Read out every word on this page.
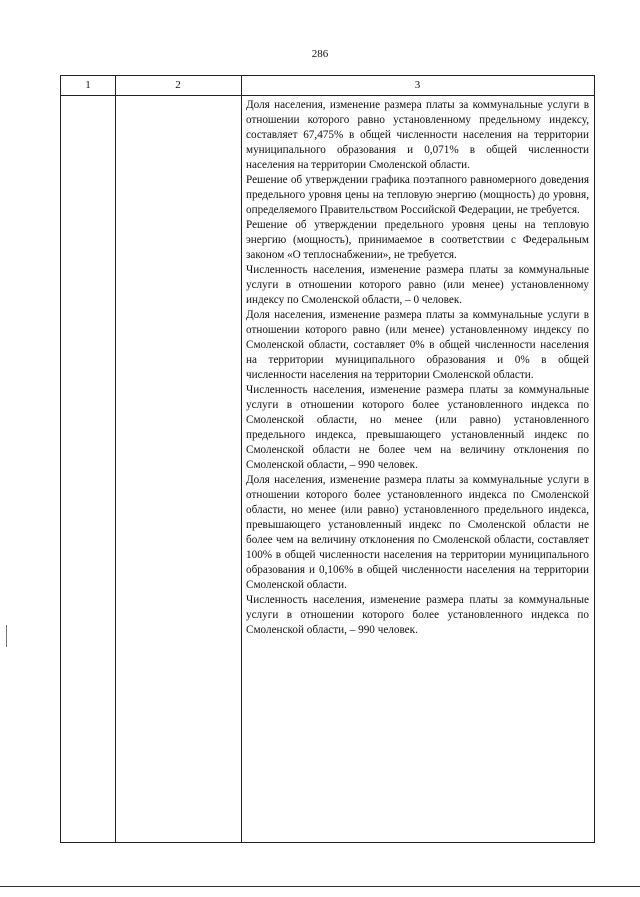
286
1	2	3

Доля населения, изменение размера платы за коммунальные услуги в отношении которого равно установленному предельному индексу, составляет 67,475% в общей численности населения на территории муниципального образования и 0,071% в общей численности населения на территории Смоленской области.

Решение об утверждении графика поэтапного равномерного доведения предельного уровня цены на тепловую энергию (мощность) до уровня, определяемого Правительством Российской Федерации, не требуется.

Решение об утверждении предельного уровня цены на тепловую энергию (мощность), принимаемое в соответствии с Федеральным законом «О теплоснабжении», не требуется.

Численность населения, изменение размера платы за коммунальные услуги в отношении которого равно (или менее) установленному индексу по Смоленской области, – 0 человек.

Доля населения, изменение размера платы за коммунальные услуги в отношении которого равно (или менее) установленному индексу по Смоленской области, составляет 0% в общей численности населения на территории муниципального образования и 0% в общей численности населения на территории Смоленской области.

Численность населения, изменение размера платы за коммунальные услуги в отношении которого более установленного индекса по Смоленской области, но менее (или равно) установленного предельного индекса, превышающего установленный индекс по Смоленской области не более чем на величину отклонения по Смоленской области, – 990 человек.

Доля населения, изменение размера платы за коммунальные услуги в отношении которого более установленного индекса по Смоленской области, но менее (или равно) установленного предельного индекса, превышающего установленный индекс по Смоленской области не более чем на величину отклонения по Смоленской области, составляет 100% в общей численности населения на территории муниципального образования и 0,106% в общей численности населения на территории Смоленской области.

Численность населения, изменение размера платы за коммунальные услуги в отношении которого более установленного индекса по Смоленской области, – 990 человек.
